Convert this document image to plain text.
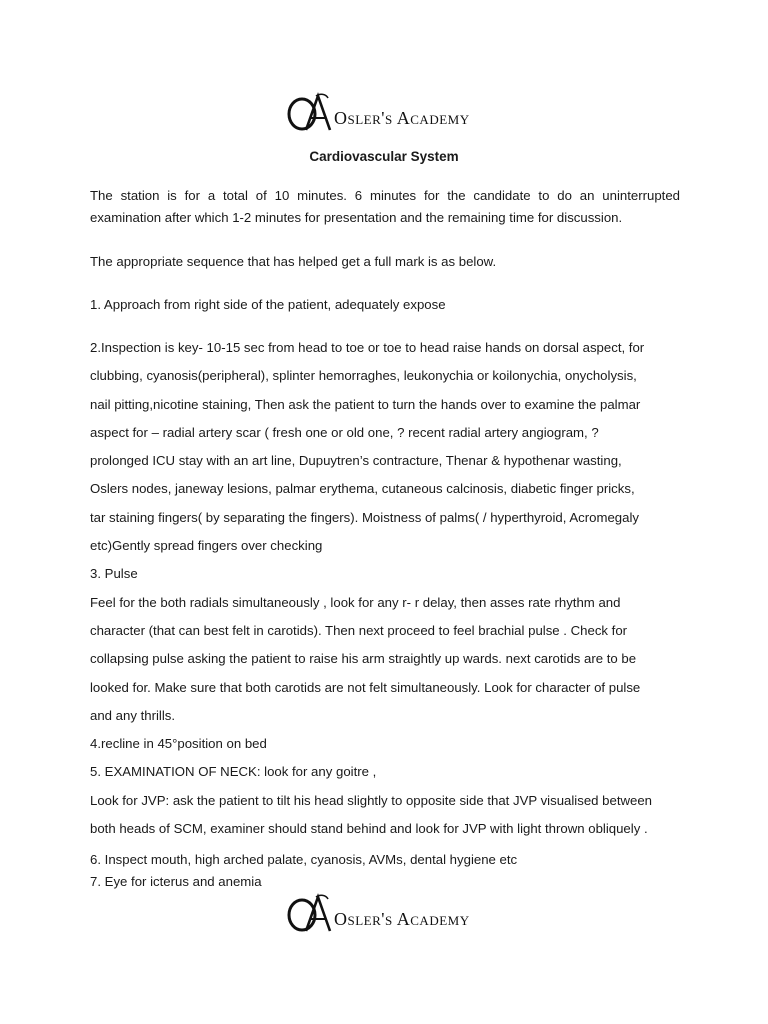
Osler's Academy
Cardiovascular System

The station is for a total of 10 minutes. 6 minutes for the candidate to do an uninterrupted examination after which 1-2 minutes for presentation and the remaining time for discussion.

The appropriate sequence that has helped get a full mark is as below.

1. Approach from right side of the patient, adequately expose

2.Inspection is key- 10-15 sec from head to toe or toe to head raise hands on dorsal aspect, for
clubbing, cyanosis(peripheral), splinter hemorraghes, leukonychia or koilonychia, onycholysis,
nail pitting,nicotine staining, Then ask the patient to turn the hands over to examine the palmar
aspect for – radial artery scar ( fresh one or old one, ? recent radial artery angiogram, ?
prolonged ICU stay with an art line, Dupuytren’s contracture, Thenar & hypothenar wasting,
Oslers nodes, janeway lesions, palmar erythema, cutaneous calcinosis, diabetic finger pricks,
tar staining fingers( by separating the fingers). Moistness of palms( / hyperthyroid, Acromegaly
etc)Gently spread fingers over checking
3. Pulse
Feel for the both radials simultaneously , look for any r- r delay, then asses rate rhythm and
character (that can best felt in carotids). Then next proceed to feel brachial pulse . Check for
collapsing pulse asking the patient to raise his arm straightly up wards. next carotids are to be
looked for. Make sure that both carotids are not felt simultaneously. Look for character of pulse
and any thrills.
4.recline in 45°position on bed
5. EXAMINATION OF NECK: look for any goitre ,
Look for JVP: ask the patient to tilt his head slightly to opposite side that JVP visualised between
both heads of SCM, examiner should stand behind and look for JVP with light thrown obliquely .
6. Inspect mouth, high arched palate, cyanosis, AVMs, dental hygiene etc
7. Eye for icterus and anemia
Osler's Academy
